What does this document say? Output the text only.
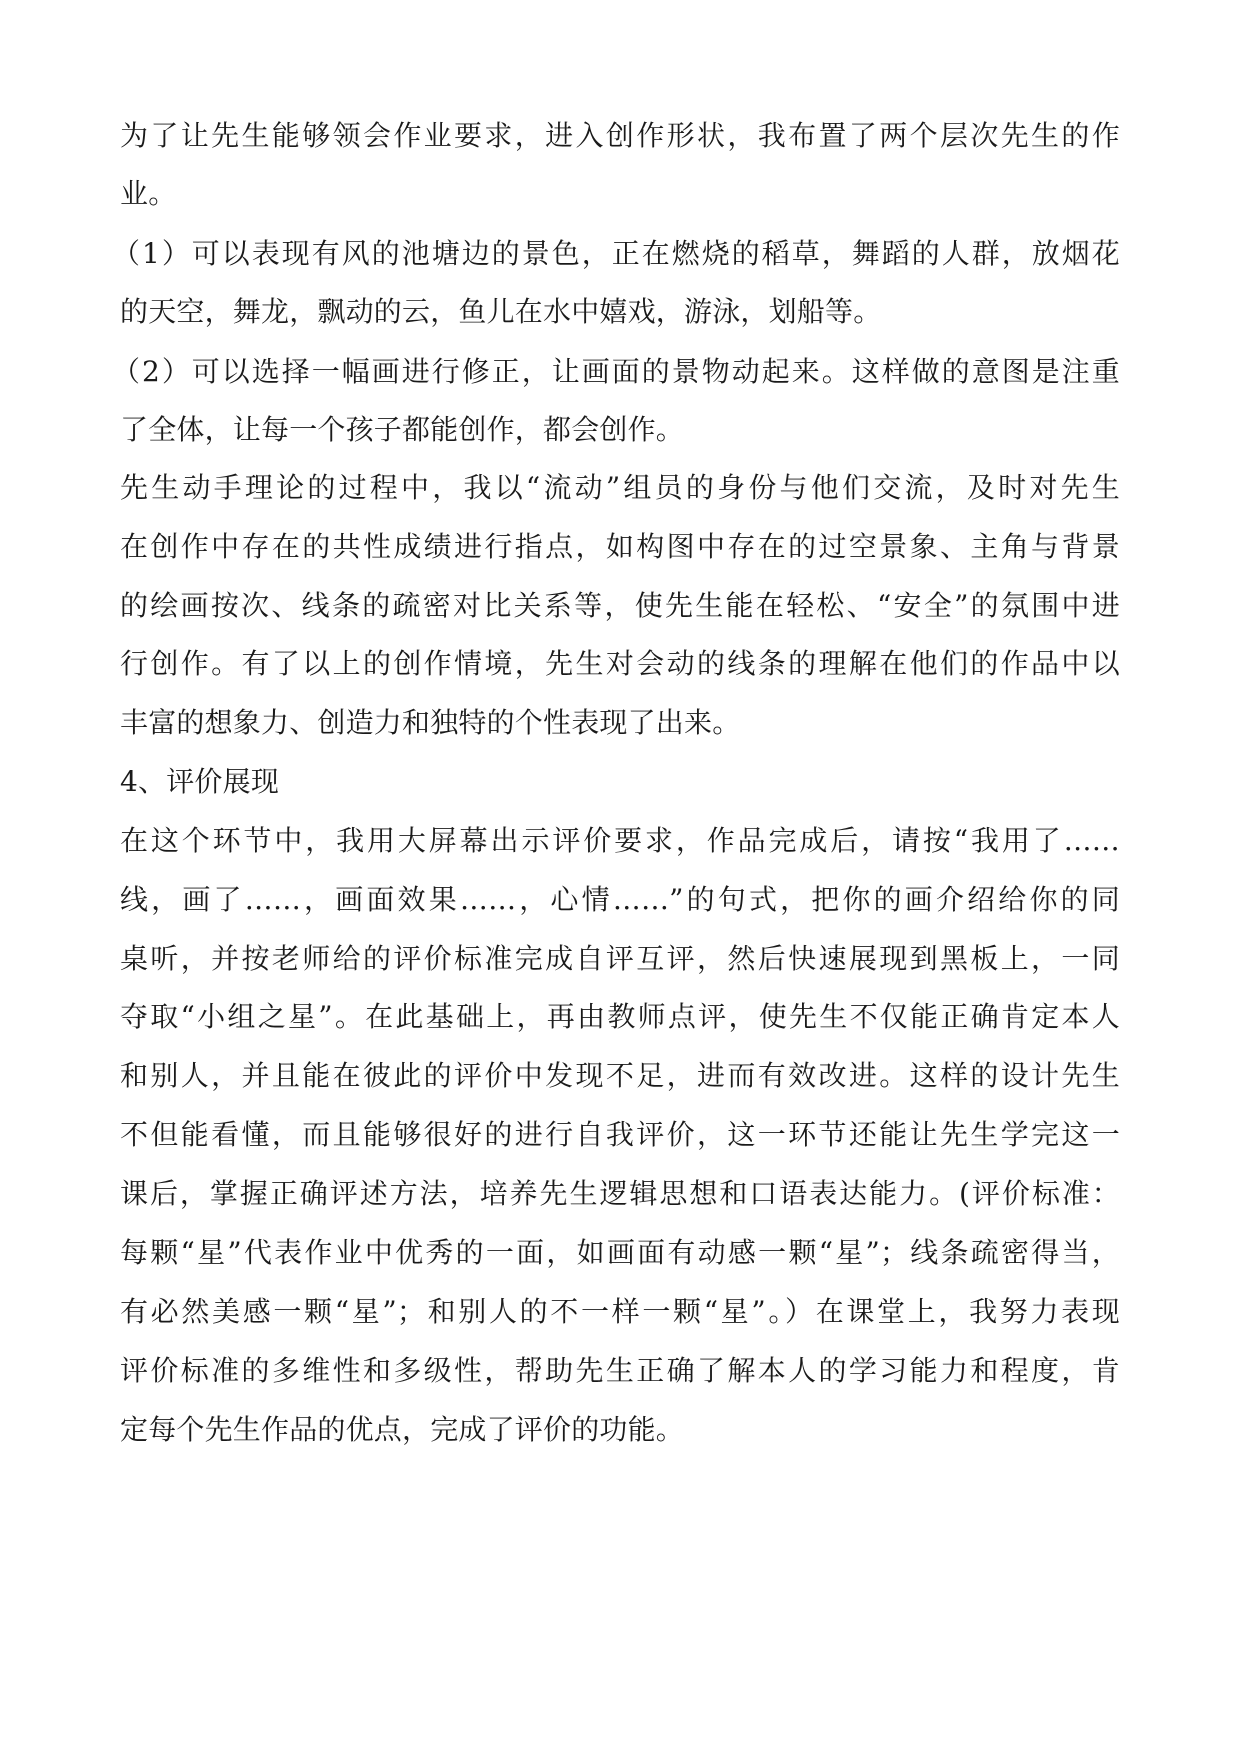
为了让先生能够领会作业要求，进入创作形状，我布置了两个层次先生的作
业。
（1）可以表现有风的池塘边的景色，正在燃烧的稻草，舞蹈的人群，放烟花
的天空，舞龙，飘动的云，鱼儿在水中嬉戏，游泳，划船等。
（2）可以选择一幅画进行修正，让画面的景物动起来。这样做的意图是注重
了全体，让每一个孩子都能创作，都会创作。
先生动手理论的过程中，我以“流动”组员的身份与他们交流，及时对先生
在创作中存在的共性成绩进行指点，如构图中存在的过空景象、主角与背景
的绘画按次、线条的疏密对比关系等，使先生能在轻松、“安全”的氛围中进
行创作。有了以上的创作情境，先生对会动的线条的理解在他们的作品中以
丰富的想象力、创造力和独特的个性表现了出来。
4、评价展现
在这个环节中，我用大屏幕出示评价要求，作品完成后，请按“我用了……
线，画了……，画面效果……，心情……”的句式，把你的画介绍给你的同
桌听，并按老师给的评价标准完成自评互评，然后快速展现到黑板上，一同
夺取“小组之星”。在此基础上，再由教师点评，使先生不仅能正确肯定本人
和别人，并且能在彼此的评价中发现不足，进而有效改进。这样的设计先生
不但能看懂，而且能够很好的进行自我评价，这一环节还能让先生学完这一
课后，掌握正确评述方法，培养先生逻辑思想和口语表达能力。(评价标准：
每颗“星”代表作业中优秀的一面，如画面有动感一颗“星”；线条疏密得当，
有必然美感一颗“星”；和别人的不一样一颗“星”。）在课堂上，我努力表现
评价标准的多维性和多级性，帮助先生正确了解本人的学习能力和程度，肯
定每个先生作品的优点，完成了评价的功能。
